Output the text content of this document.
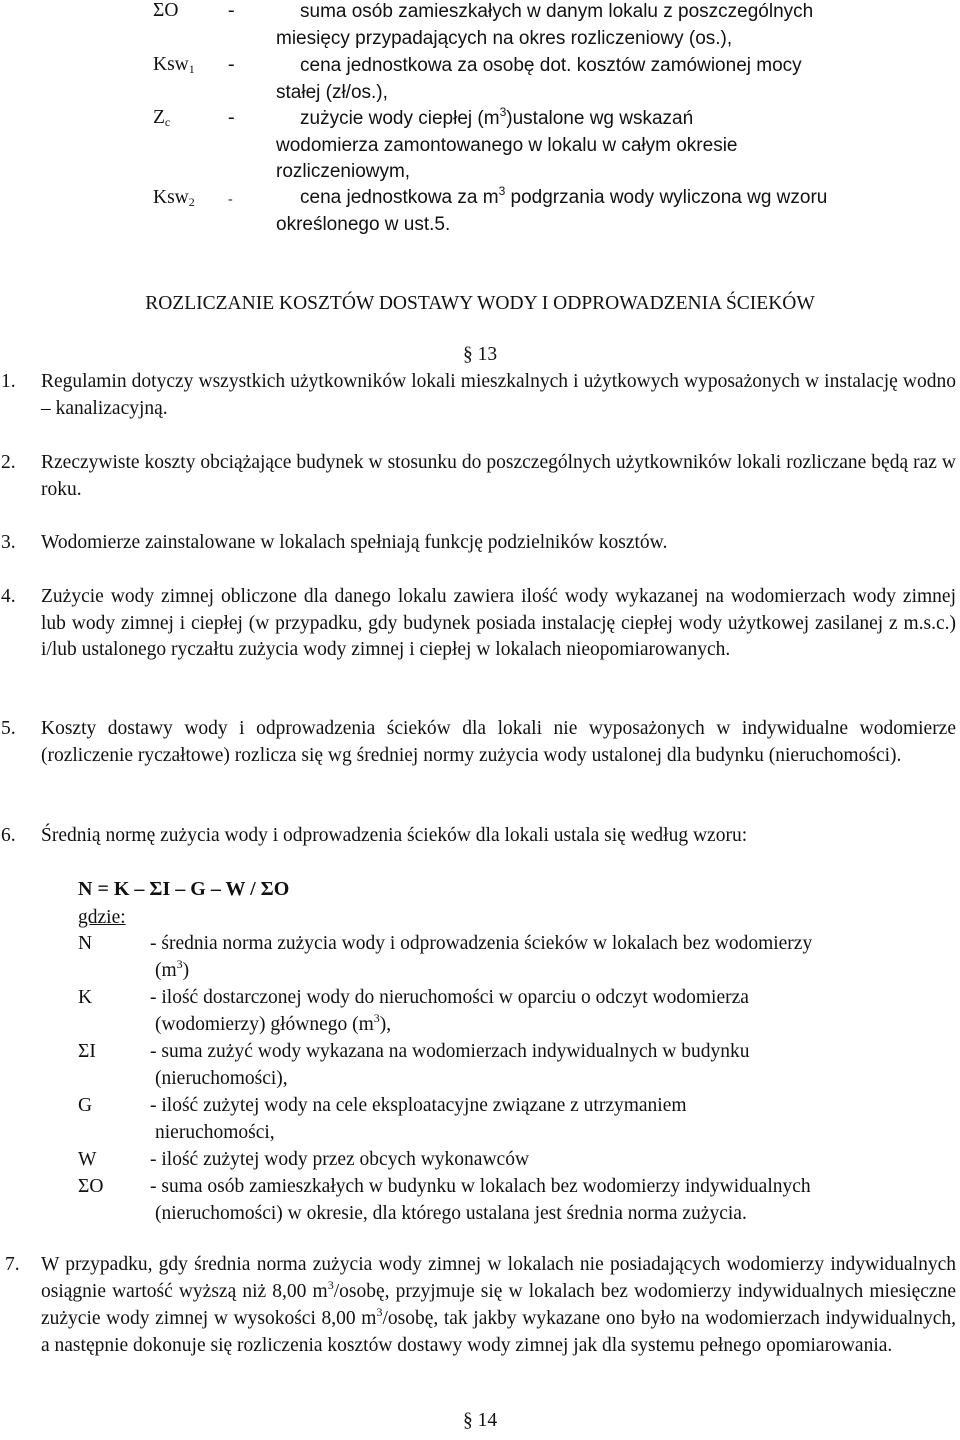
ΣO	-	suma osób zamieszkałych w danym lokalu z poszczególnych
miesięcy przypadających na okres rozliczeniowy (os.),
Ksw$_1$ -	cena jednostkowa za osobę dot. kosztów zamówionej mocy
stałej (zł/os.),
$Z_c$	-	zużycie wody ciepłej $(m^3)ustalone$ wg wskazań
wodomierza zamontowanego w lokalu w całym okresie
rozliczeniowym,
Ksw$_2$ -	cena jednostkowa za $m^3$ podgrzania wody wyliczona wg wzoru
określonego w ust.5.
ROZLICZANIE KOSZTÓW DOSTAWY WODY I ODPROWADZENIA ŚCIEKÓW
§ 13
1. Regulamin dotyczy wszystkich użytkowników lokali mieszkalnych i użytkowych wyposażonych w instalację wodno – kanalizacyjną.
2. Rzeczywiste koszty obciążające budynek w stosunku do poszczególnych użytkowników lokali rozliczane będą raz w roku.
3. Wodomierze zainstalowane w lokalach spełniają funkcję podzielników kosztów.
4. Zużycie wody zimnej obliczone dla danego lokalu zawiera ilość wody wykazanej na wodomierzach wody zimnej lub wody zimnej i ciepłej (w przypadku, gdy budynek posiada instalację ciepłej wody użytkowej zasilanej z m.s.c.) i/lub ustalonego ryczałtu zużycia wody zimnej i ciepłej w lokalach nieopomiarowanych.
5. Koszty dostawy wody i odprowadzenia ścieków dla lokali nie wyposażonych w indywidualne wodomierze (rozliczenie ryczałtowe) rozlicza się wg średniej normy zużycia wody ustalonej dla budynku (nieruchomości).
6. Średnią normę zużycia wody i odprowadzenia ścieków dla lokali ustala się według wzoru:
N = K – ΣI – G – W / ΣO
gdzie:
N	- średnia norma zużycia wody i odprowadzenia ścieków w lokalach bez wodomierzy
$(m^3)$
K	- ilość dostarczonej wody do nieruchomości w oparciu o odczyt wodomierza
(wodomierzy) głównego $(m^3)$,
ΣI	- suma zużyć wody wykazana na wodomierzach indywidualnych w budynku
(nieruchomości),
G	- ilość zużytej wody na cele eksploatacyjne związane z utrzymaniem
nieruchomości,
W	- ilość zużytej wody przez obcych wykonawców
ΣO - suma osób zamieszkałych w budynku w lokalach bez wodomierzy indywidualnych
(nieruchomości) w okresie, dla którego ustalana jest średnia norma zużycia.
7. W przypadku, gdy średnia norma zużycia wody zimnej w lokalach nie posiadających wodomierzy indywidualnych osiągnie wartość wyższą niż 8,00 $m^3$/osobę, przyjmuje się w lokalach bez wodomierzy indywidualnych miesięczne zużycie wody zimnej w wysokości 8,00 $m^3$/osobę, tak jakby wykazane ono było na wodomierzach indywidualnych, a następnie dokonuje się rozliczenia kosztów dostawy wody zimnej jak dla systemu pełnego opomiarowania.
§ 14
